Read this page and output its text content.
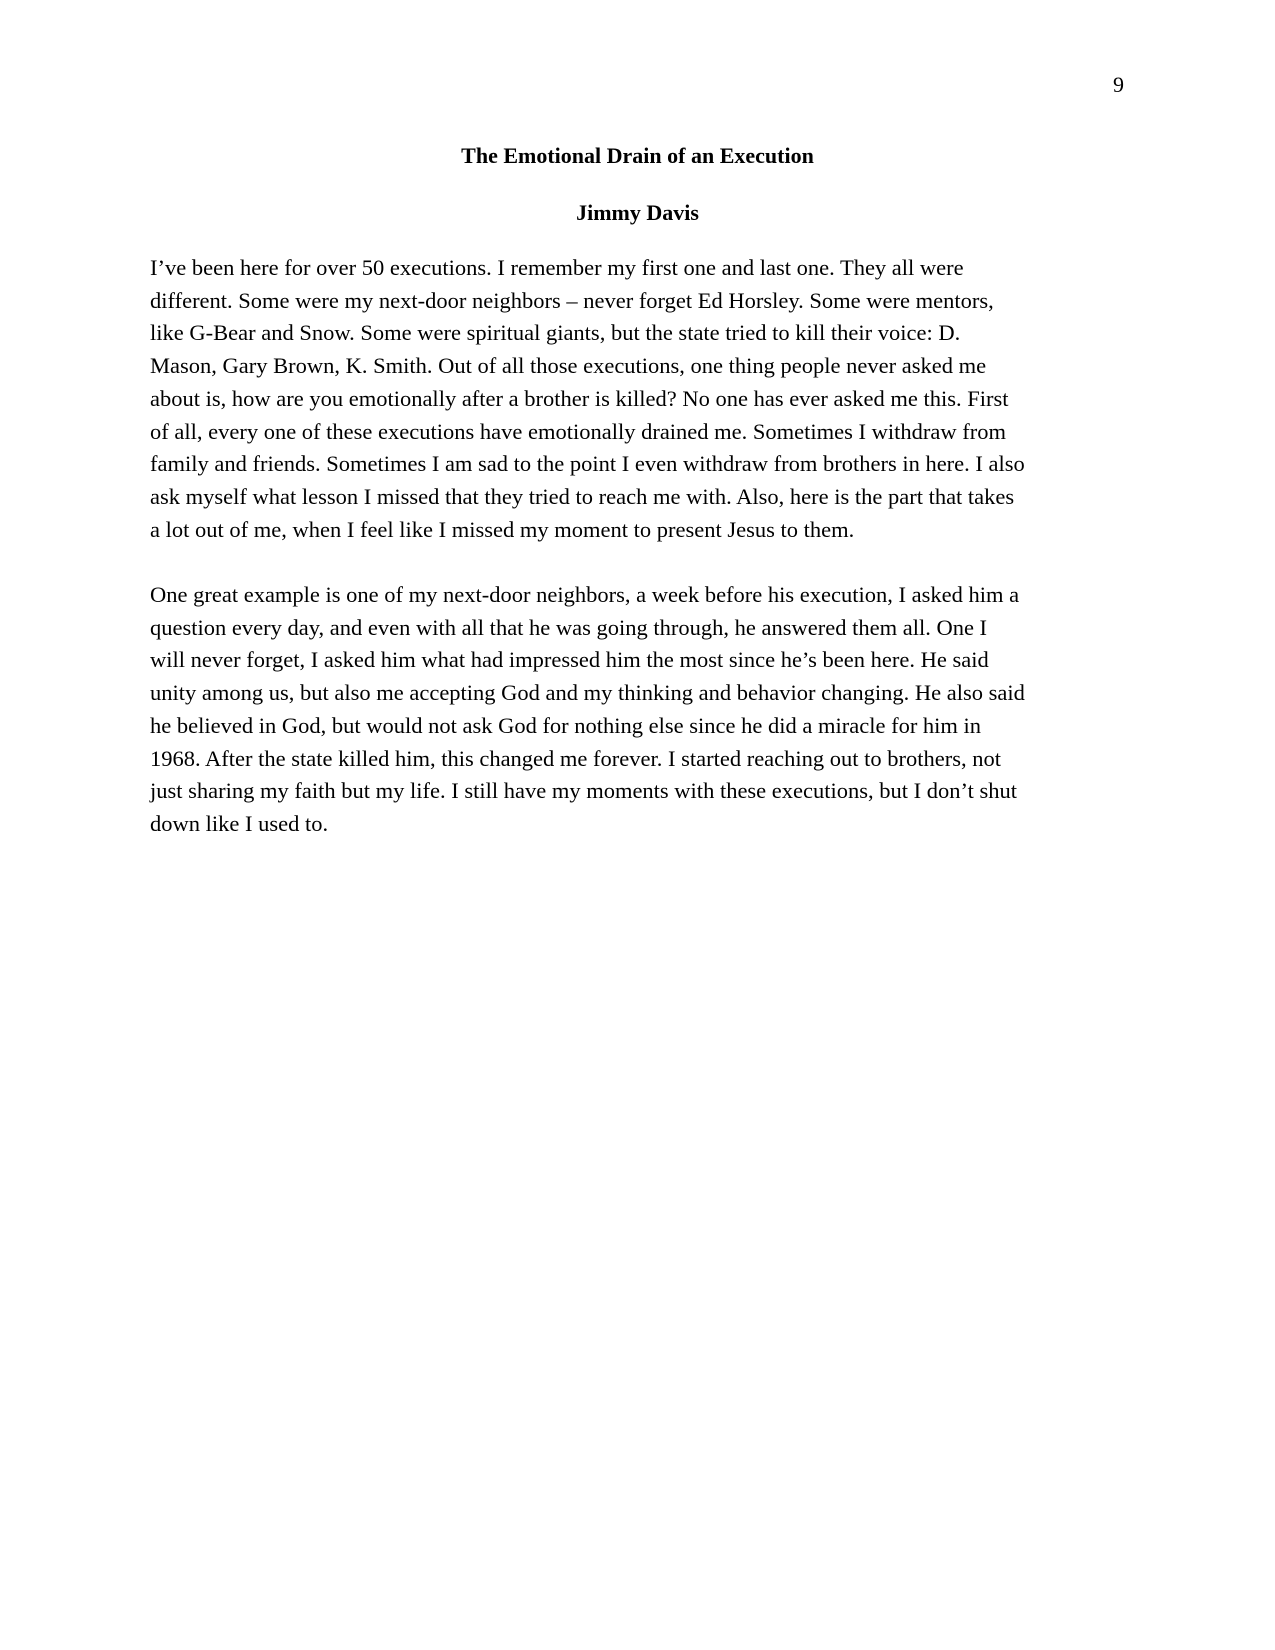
9
The Emotional Drain of an Execution
Jimmy Davis

I’ve been here for over 50 executions. I remember my first one and last one. They all were
different. Some were my next-door neighbors – never forget Ed Horsley. Some were mentors,
like G-Bear and Snow. Some were spiritual giants, but the state tried to kill their voice: D.
Mason, Gary Brown, K. Smith. Out of all those executions, one thing people never asked me
about is, how are you emotionally after a brother is killed? No one has ever asked me this. First
of all, every one of these executions have emotionally drained me. Sometimes I withdraw from
family and friends. Sometimes I am sad to the point I even withdraw from brothers in here. I also
ask myself what lesson I missed that they tried to reach me with. Also, here is the part that takes
a lot out of me, when I feel like I missed my moment to present Jesus to them.

One great example is one of my next-door neighbors, a week before his execution, I asked him a
question every day, and even with all that he was going through, he answered them all. One I
will never forget, I asked him what had impressed him the most since he’s been here. He said
unity among us, but also me accepting God and my thinking and behavior changing. He also said
he believed in God, but would not ask God for nothing else since he did a miracle for him in
1968. After the state killed him, this changed me forever. I started reaching out to brothers, not
just sharing my faith but my life. I still have my moments with these executions, but I don’t shut
down like I used to.
